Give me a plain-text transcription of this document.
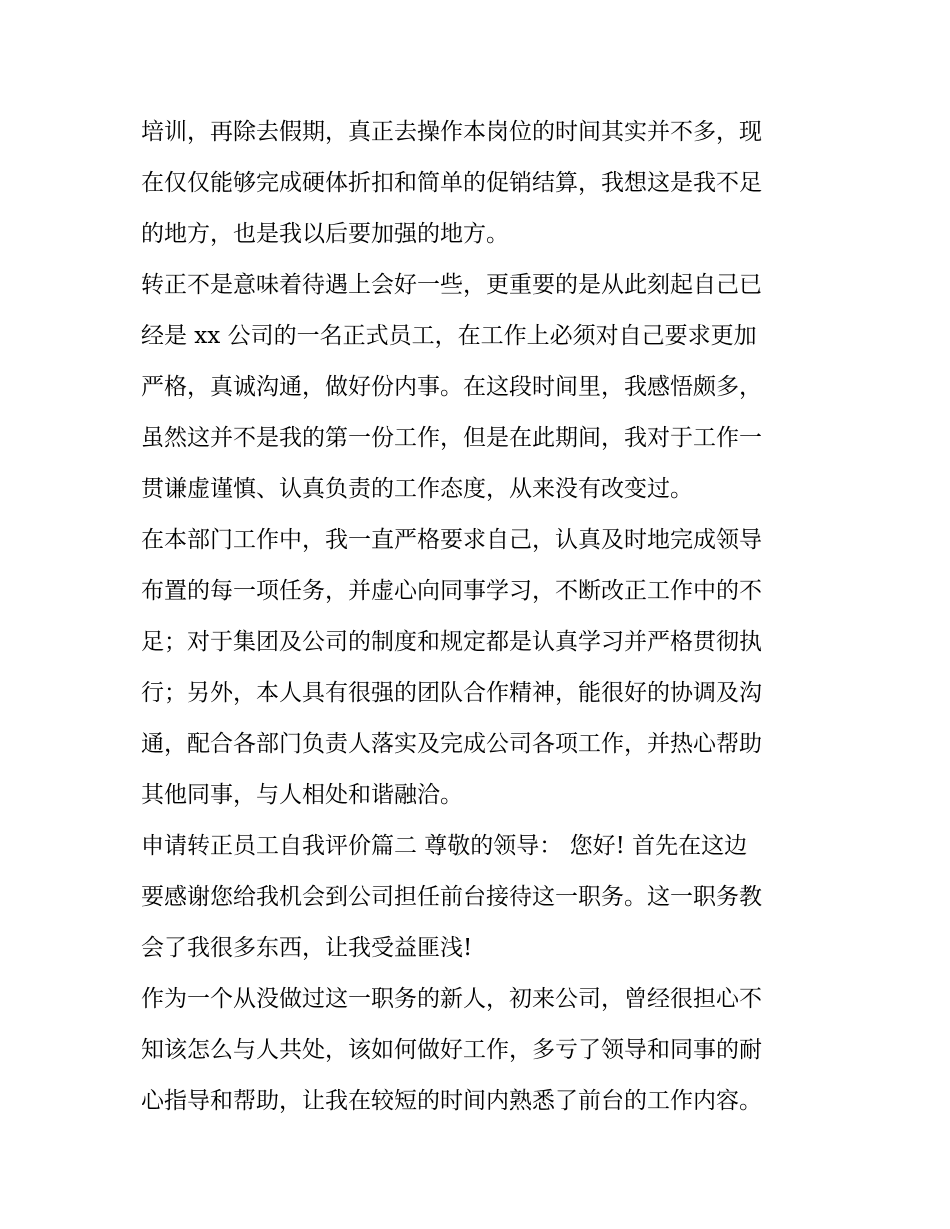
培训，再除去假期，真正去操作本岗位的时间其实并不多，现
在仅仅能够完成硬体折扣和简单的促销结算，我想这是我不足
的地方，也是我以后要加强的地方。
转正不是意味着待遇上会好一些，更重要的是从此刻起自己已
经是 xx 公司的一名正式员工，在工作上必须对自己要求更加
严格，真诚沟通，做好份内事。在这段时间里，我感悟颇多，
虽然这并不是我的第一份工作，但是在此期间，我对于工作一
贯谦虚谨慎、认真负责的工作态度，从来没有改变过。
在本部门工作中，我一直严格要求自己，认真及时地完成领导
布置的每一项任务，并虚心向同事学习，不断改正工作中的不
足；对于集团及公司的制度和规定都是认真学习并严格贯彻执
行；另外，本人具有很强的团队合作精神，能很好的协调及沟
通，配合各部门负责人落实及完成公司各项工作，并热心帮助
其他同事，与人相处和谐融洽。
申请转正员工自我评价篇二 尊敬的领导： 您好! 首先在这边
要感谢您给我机会到公司担任前台接待这一职务。这一职务教
会了我很多东西，让我受益匪浅!
作为一个从没做过这一职务的新人，初来公司，曾经很担心不
知该怎么与人共处，该如何做好工作，多亏了领导和同事的耐
心指导和帮助，让我在较短的时间内熟悉了前台的工作内容。
